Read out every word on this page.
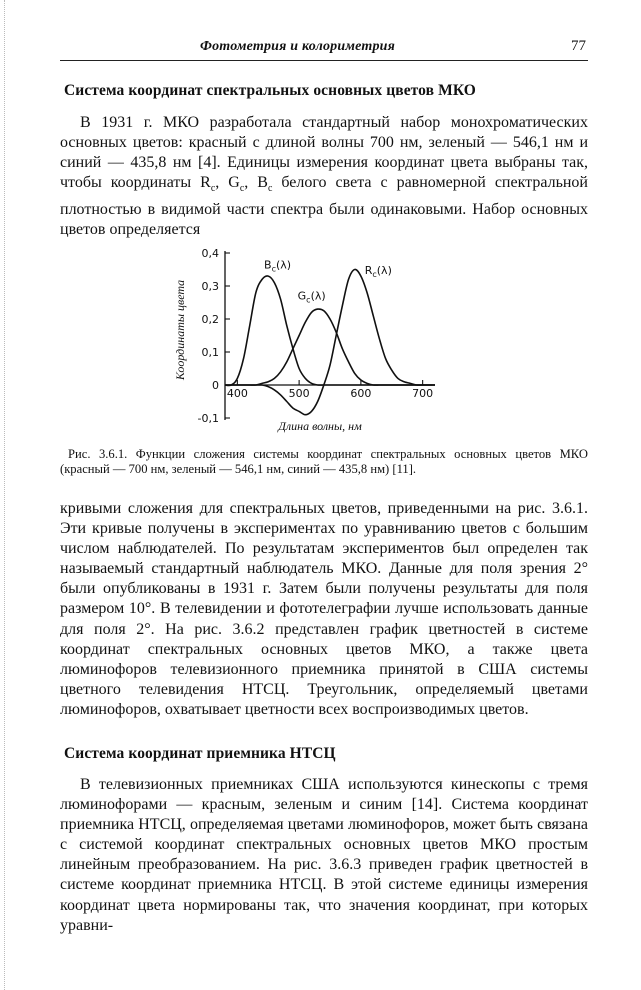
Фотометрия и колориметрия	77
Система координат спектральных основных цветов МКО

В 1931 г. МКО разработала стандартный набор монохроматических основных цветов: красный с длиной волны 700 нм, зеленый — 546,1 нм и синий — 435,8 нм [4]. Единицы измерения координат цвета выбраны так, чтобы координаты $R_c$, $G_c$, $B_c$ белого света с равномерной спектральной плотностью в видимой части спектра были одинаковыми. Набор основных цветов определяется

0,4
0,3
0,2
0,1
0
-0,1
400	500	600	700
$B_c(\lambda)$
$G_c(\lambda)$
$R_c(\lambda)$
Координаты цвета
Длина волны, нм

Рис. 3.6.1. Функции сложения системы координат спектральных основных цветов МКО (красный — 700 нм, зеленый — 546,1 нм, синий — 435,8 нм) [11].

кривыми сложения для спектральных цветов, приведенными на рис. 3.6.1. Эти кривые получены в экспериментах по уравниванию цветов с большим числом наблюдателей. По результатам экспериментов был определен так называемый стандартный наблюдатель МКО. Данные для поля зрения 2° были опубликованы в 1931 г. Затем были получены результаты для поля размером 10°. В телевидении и фототелеграфии лучше использовать данные для поля 2°. На рис. 3.6.2 представлен график цветностей в системе координат спектральных основных цветов МКО, а также цвета люминофоров телевизионного приемника принятой в США системы цветного телевидения НТСЦ. Треугольник, определяемый цветами люминофоров, охватывает цветности всех воспроизводимых цветов.

Система координат приемника НТСЦ

В телевизионных приемниках США используются кинескопы с тремя люминофорами — красным, зеленым и синим [14]. Система координат приемника НТСЦ, определяемая цветами люминофоров, может быть связана с системой координат спектральных основных цветов МКО простым линейным преобразованием. На рис. 3.6.3 приведен график цветностей в системе координат приемника НТСЦ. В этой системе единицы измерения координат цвета нормированы так, что значения координат, при которых уравни-
